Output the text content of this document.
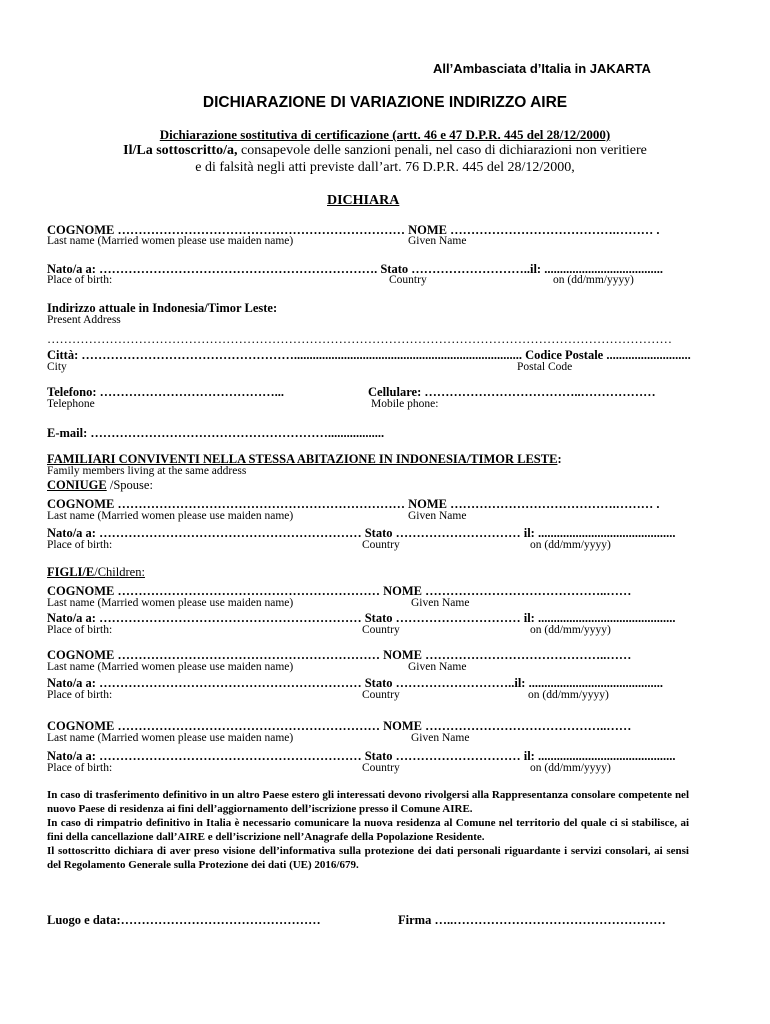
All’Ambasciata d’Italia in JAKARTA
DICHIARAZIONE DI VARIAZIONE INDIRIZZO AIRE
Dichiarazione sostitutiva di certificazione (artt. 46 e 47 D.P.R. 445 del 28/12/2000)
Il/La sottoscritto/a, consapevole delle sanzioni penali, nel caso di dichiarazioni non veritiere
e di falsità negli atti previste dall’art. 76 D.P.R. 445 del 28/12/2000,
DICHIARA
COGNOME …………………………………………………………… NOME ………………………………….……… .
Last name (Married women please use maiden name)	Given Name
Nato/a a: …………………………………………………………. Stato ………………………..il: ......................................
Place of birth:	Country	on (dd/mm/yyyy)
Indirizzo attuale in Indonesia/Timor Leste:
Present Address
……………………………………………………………………………………………………………………………………
Città: ……………………………………………......................................................................... Codice Postale ...........................
City	Postal Code
Telefono: ……………………………………...
Telephone
Cellulare: ………………………………..………………
Mobile phone:
E-mail: …………………………………………………..................
FAMILIARI CONVIVENTI NELLA STESSA ABITAZIONE IN INDONESIA/TIMOR LESTE:
Family members living at the same address
CONIUGE /Spouse:
COGNOME …………………………………………………………… NOME ………………………………….……… .
Last name (Married women please use maiden name)	Given Name
Nato/a a: ……………………………………………………… Stato ………………………… il: ............................................
Place of birth:	Country	on (dd/mm/yyyy)
FIGLI/E/Children:
COGNOME ……………………………………………………… NOME ……………………………………..……
Last name (Married women please use maiden name)	Given Name
Nato/a a: ……………………………………………………… Stato ………………………… il: ............................................
Place of birth:	Country	on (dd/mm/yyyy)
COGNOME ……………………………………………………… NOME ……………………………………..……
Last name (Married women please use maiden name)	Given Name
Nato/a a: ……………………………………………………… Stato ………………………..il: ...........................................
Place of birth:	Country	on (dd/mm/yyyy)
COGNOME ……………………………………………………… NOME ……………………………………..……
Last name (Married women please use maiden name)	Given Name
Nato/a a: ……………………………………………………… Stato ………………………… il: ............................................
Place of birth:	Country	on (dd/mm/yyyy)

In caso di trasferimento definitivo in un altro Paese estero gli interessati devono rivolgersi alla Rappresentanza consolare competente nel nuovo Paese di residenza ai fini dell’aggiornamento dell’iscrizione presso il Comune AIRE.

In caso di rimpatrio definitivo in Italia è necessario comunicare la nuova residenza al Comune nel territorio del quale ci si stabilisce, ai fini della cancellazione dall’AIRE e dell’iscrizione nell’Anagrafe della Popolazione Residente.

Il sottoscritto dichiara di aver preso visione dell’informativa sulla protezione dei dati personali riguardante i servizi consolari, ai sensi del Regolamento Generale sulla Protezione dei dati (UE) 2016/679.

Luogo e data:…………………………………………	Firma …..……………………………………………
